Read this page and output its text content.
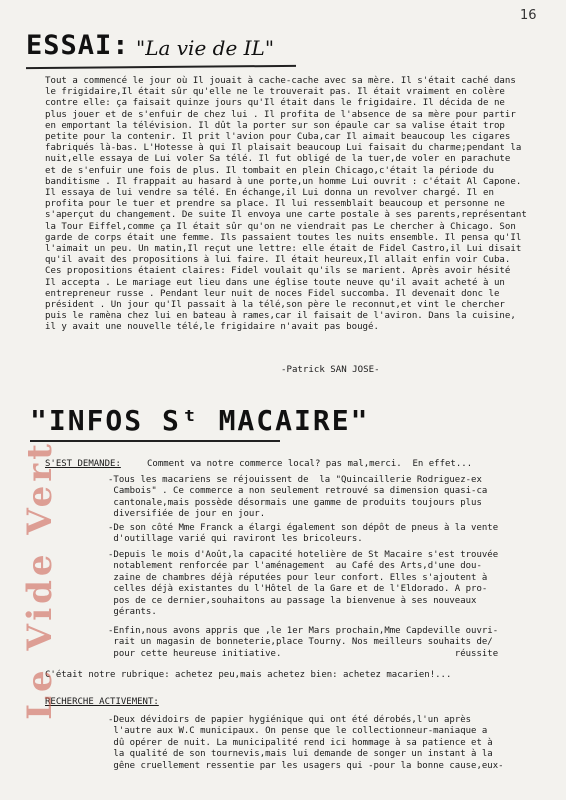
16
ESSAI: "La vie de IL"
Tout a commencé le jour où Il jouait à cache-cache avec sa mère. Il s'était caché dans
le frigidaire,Il était sûr qu'elle ne le trouverait pas. Il était vraiment en colère
contre elle: ça faisait quinze jours qu'Il était dans le frigidaire. Il décida de ne
plus jouer et de s'enfuir de chez lui . Il profita de l'absence de sa mère pour partir
en emportant la télévision. Il dût la porter sur son épaule car sa valise était trop
petite pour la contenir. Il prit l'avion pour Cuba,car Il aimait beaucoup les cigares
fabriqués là-bas. L'Hotesse à qui Il plaisait beaucoup Lui faisait du charme;pendant la
nuit,elle essaya de Lui voler Sa télé. Il fut obligé de la tuer,de voler en parachute
et de s'enfuir une fois de plus. Il tombait en plein Chicago,c'était la période du
banditisme . Il frappait au hasard à une porte,un homme Lui ouvrit : c'était Al Capone.
Il essaya de lui vendre sa télé. En échange,il Lui donna un revolver chargé. Il en
profita pour le tuer et prendre sa place. Il lui ressemblait beaucoup et personne ne
s'aperçut du changement. De suite Il envoya une carte postale à ses parents,représentant
la Tour Eiffel,comme ça Il était sûr qu'on ne viendrait pas Le chercher à Chicago. Son
garde de corps était une femme. Ils passaient toutes les nuits ensemble. Il pensa qu'Il
l'aimait un peu. Un matin,Il reçut une lettre: elle était de Fidel Castro,il Lui disait
qu'il avait des propositions à lui faire. Il était heureux,Il allait enfin voir Cuba.
Ces propositions étaient claires: Fidel voulait qu'ils se marient. Après avoir hésité
Il accepta . Le mariage eut lieu dans une église toute neuve qu'il avait acheté à un
entrepreneur russe . Pendant leur nuit de noces Fidel succomba. Il devenait donc le
président . Un jour qu'Il passait à la télé,son père le reconnut,et vint le chercher
puis le ramèna chez lui en bateau à rames,car il faisait de l'aviron. Dans la cuisine,
il y avait une nouvelle télé,le frigidaire n'avait pas bougé.
-Patrick SAN JOSE-
"INFOS Sᵗ MACAIRE"
S'EST DEMANDE:	Comment va notre commerce local? pas mal,merci.  En effet...
-Tous les macariens se réjouissent de  la "Quincaillerie Rodriguez-ex
Cambois" . Ce commerce a non seulement retrouvé sa dimension quasi-ca
cantonale,mais possède désormais une gamme de produits toujours plus
diversifiée de jour en jour.
-De son côté Mme Franck a élargi également son dépôt de pneus à la vente
d'outillage varié qui raviront les bricoleurs.
-Depuis le mois d'Août,la capacité hotelière de St Macaire s'est trouvée
notablement renforcée par l'aménagement  au Café des Arts,d'une dou-
zaine de chambres déjà réputées pour leur confort. Elles s'ajoutent à
celles déjà existantes du l'Hôtel de la Gare et de l'Eldorado. A pro-
pos de ce dernier,souhaitons au passage la bienvenue à ses nouveaux
gérants.
-Enfin,nous avons appris que ,le 1er Mars prochain,Mme Capdeville ouvri-
rait un magasin de bonneterie,place Tourny. Nos meilleurs souhaits de/
pour cette heureuse initiative.                                réussite
C'était notre rubrique: achetez peu,mais achetez bien: achetez macarien!...
RECHERCHE ACTIVEMENT:
-Deux dévidoirs de papier hygiénique qui ont été dérobés,l'un après
l'autre aux W.C municipaux. On pense que le collectionneur-maniaque a
dû opérer de nuit. La municipalité rend ici hommage à sa patience et à
la qualité de son tournevis,mais lui demande de songer un instant à la
gêne cruellement ressentie par les usagers qui -pour la bonne cause,eux-
Le Vide Vert
